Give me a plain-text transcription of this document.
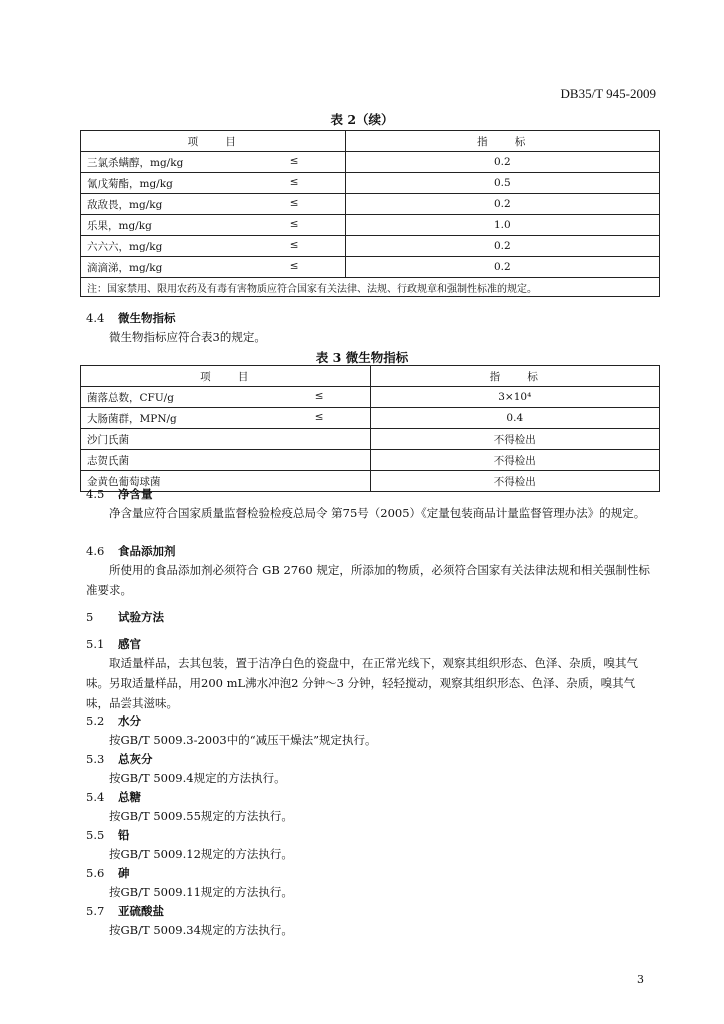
DB35/T 945-2009
表 2（续）
项　　目	指　　标
三氯杀螨醇，mg/kg ≤	0.2
氰戊菊酯，mg/kg ≤	0.5
敌敌畏，mg/kg ≤	0.2
乐果，mg/kg ≤	1.0
六六六，mg/kg ≤	0.2
滴滴涕，mg/kg ≤	0.2
注：国家禁用、限用农药及有毒有害物质应符合国家有关法律、法规、行政规章和强制性标准的规定。	
4.4 微生物指标
微生物指标应符合表3的规定。
表 3 微生物指标
项　　目	指　　标
菌落总数，CFU/g ≤	3×10⁴
大肠菌群，MPN/g ≤	0.4
沙门氏菌	不得检出
志贺氏菌	不得检出
金黄色葡萄球菌	不得检出
4.5 净含量
净含量应符合国家质量监督检验检疫总局令 第75号（2005）《定量包装商品计量监督管理办法》的规定。
4.6 食品添加剂
所使用的食品添加剂必须符合 GB 2760 规定，所添加的物质，必须符合国家有关法律法规和相关强制性标准要求。
5 试验方法
5.1 感官
取适量样品，去其包装，置于洁净白色的瓷盘中，在正常光线下，观察其组织形态、色泽、杂质，嗅其气味。另取适量样品，用200 mL沸水冲泡2 分钟～3 分钟，轻轻搅动，观察其组织形态、色泽、杂质，嗅其气味，品尝其滋味。
5.2 水分
按GB/T 5009.3-2003中的“减压干燥法”规定执行。
5.3 总灰分
按GB/T 5009.4规定的方法执行。
5.4 总糖
按GB/T 5009.55规定的方法执行。
5.5 铅
按GB/T 5009.12规定的方法执行。
5.6 砷
按GB/T 5009.11规定的方法执行。
5.7 亚硫酸盐
按GB/T 5009.34规定的方法执行。
3
